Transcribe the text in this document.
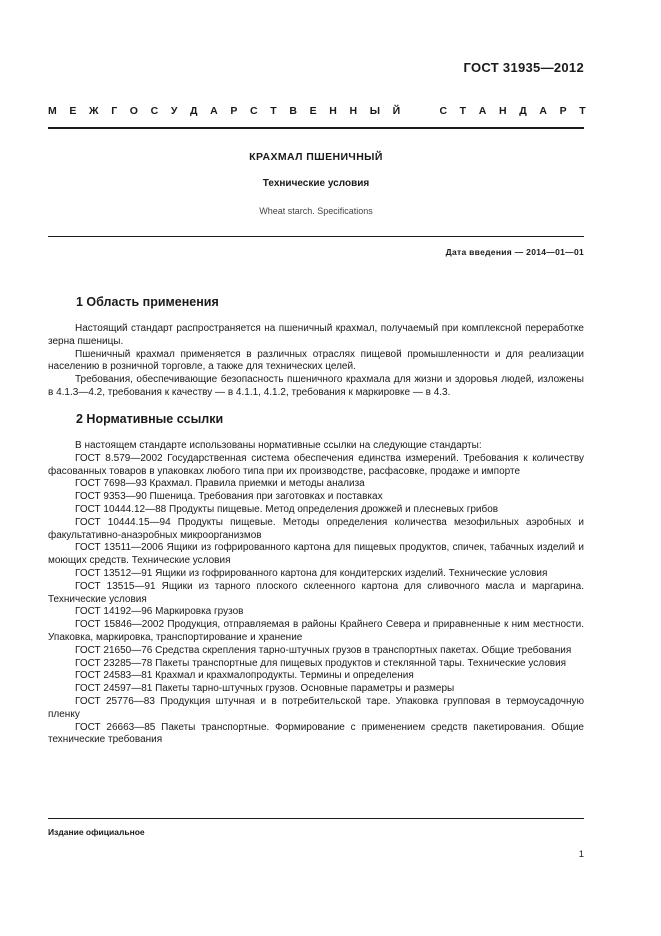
ГОСТ 31935—2012
М Е Ж Г О С У Д А Р С Т В Е Н Н Ы Й	С Т А Н Д А Р Т
КРАХМАЛ ПШЕНИЧНЫЙ
Технические условия
Wheat starch. Specifications
Дата введения — 2014—01—01
1 Область применения

Настоящий стандарт распространяется на пшеничный крахмал, получаемый при комплексной переработке зерна пшеницы.

Пшеничный крахмал применяется в различных отраслях пищевой промышленности и для реализации населению в розничной торговле, а также для технических целей.

Требования, обеспечивающие безопасность пшеничного крахмала для жизни и здоровья людей, изложены в 4.1.3—4.2, требования к качеству — в 4.1.1, 4.1.2, требования к маркировке — в 4.3.

2 Нормативные ссылки

В настоящем стандарте использованы нормативные ссылки на следующие стандарты:

ГОСТ 8.579—2002 Государственная система обеспечения единства измерений. Требования к количеству фасованных товаров в упаковках любого типа при их производстве, расфасовке, продаже и импорте

ГОСТ 7698—93 Крахмал. Правила приемки и методы анализа

ГОСТ 9353—90 Пшеница. Требования при заготовках и поставках

ГОСТ 10444.12—88 Продукты пищевые. Метод определения дрожжей и плесневых грибов

ГОСТ 10444.15—94 Продукты пищевые. Методы определения количества мезофильных аэробных и факультативно-анаэробных микроорганизмов

ГОСТ 13511—2006 Ящики из гофрированного картона для пищевых продуктов, спичек, табачных изделий и моющих средств. Технические условия

ГОСТ 13512—91 Ящики из гофрированного картона для кондитерских изделий. Технические условия

ГОСТ 13515—91 Ящики из тарного плоского склеенного картона для сливочного масла и маргарина. Технические условия

ГОСТ 14192—96 Маркировка грузов

ГОСТ 15846—2002 Продукция, отправляемая в районы Крайнего Севера и приравненные к ним местности. Упаковка, маркировка, транспортирование и хранение

ГОСТ 21650—76 Средства скрепления тарно-штучных грузов в транспортных пакетах. Общие требования

ГОСТ 23285—78 Пакеты транспортные для пищевых продуктов и стеклянной тары. Технические условия

ГОСТ 24583—81 Крахмал и крахмалопродукты. Термины и определения

ГОСТ 24597—81 Пакеты тарно-штучных грузов. Основные параметры и размеры

ГОСТ 25776—83 Продукция штучная и в потребительской таре. Упаковка групповая в термоусадочную пленку

ГОСТ 26663—85 Пакеты транспортные. Формирование с применением средств пакетирования. Общие технические требования

Издание официальное
1
